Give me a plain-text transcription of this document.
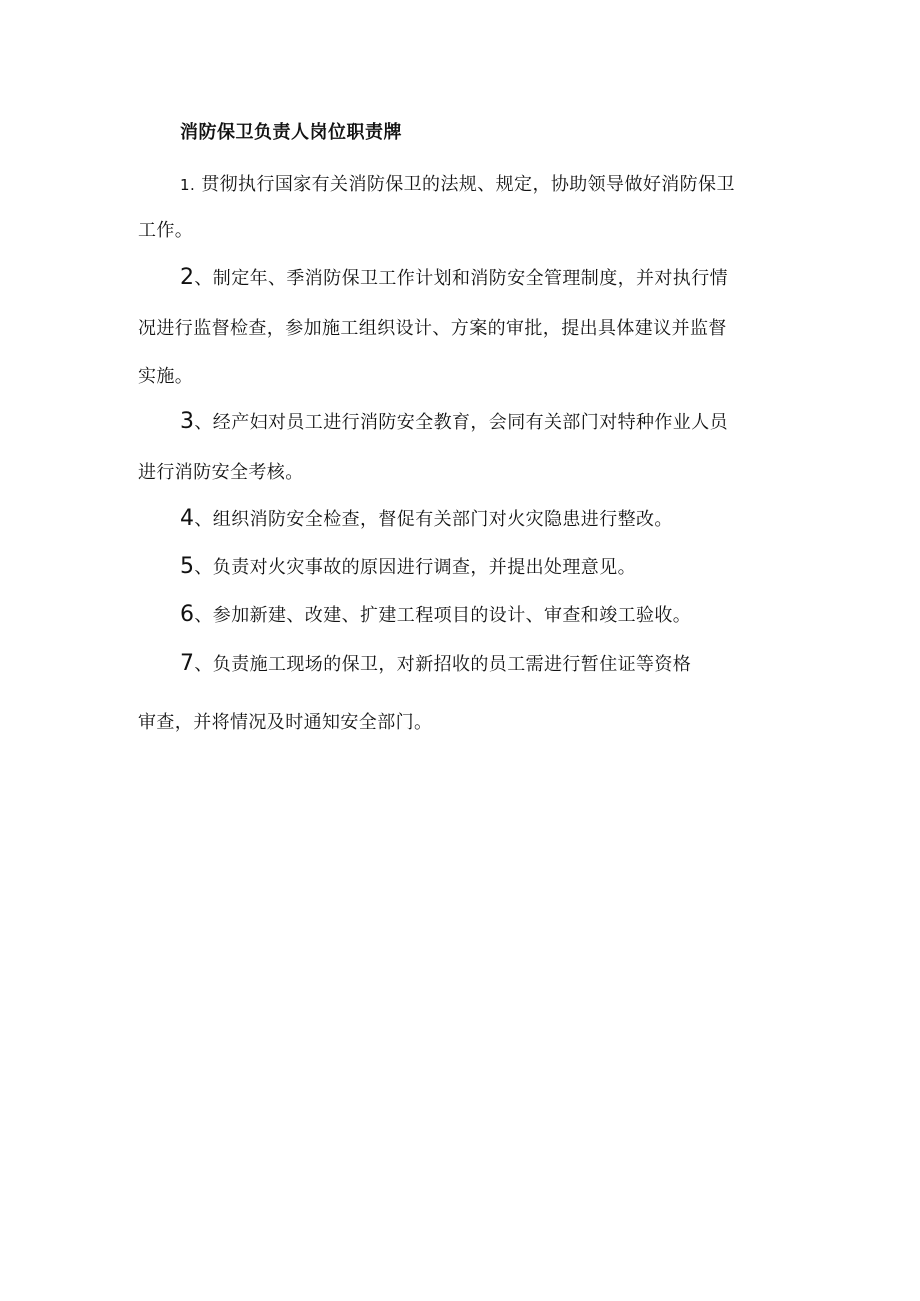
消防保卫负责人岗位职责牌
1. 贯彻执行国家有关消防保卫的法规、规定，协助领导做好消防保卫
工作。
2、制定年、季消防保卫工作计划和消防安全管理制度，并对执行情
况进行监督检查，参加施工组织设计、方案的审批，提出具体建议并监督
实施。
3、经产妇对员工进行消防安全教育，会同有关部门对特种作业人员
进行消防安全考核。
4、组织消防安全检查，督促有关部门对火灾隐患进行整改。
5、负责对火灾事故的原因进行调查，并提出处理意见。
6、参加新建、改建、扩建工程项目的设计、审查和竣工验收。
7、负责施工现场的保卫，对新招收的员工需进行暂住证等资格
审查，并将情况及时通知安全部门。
